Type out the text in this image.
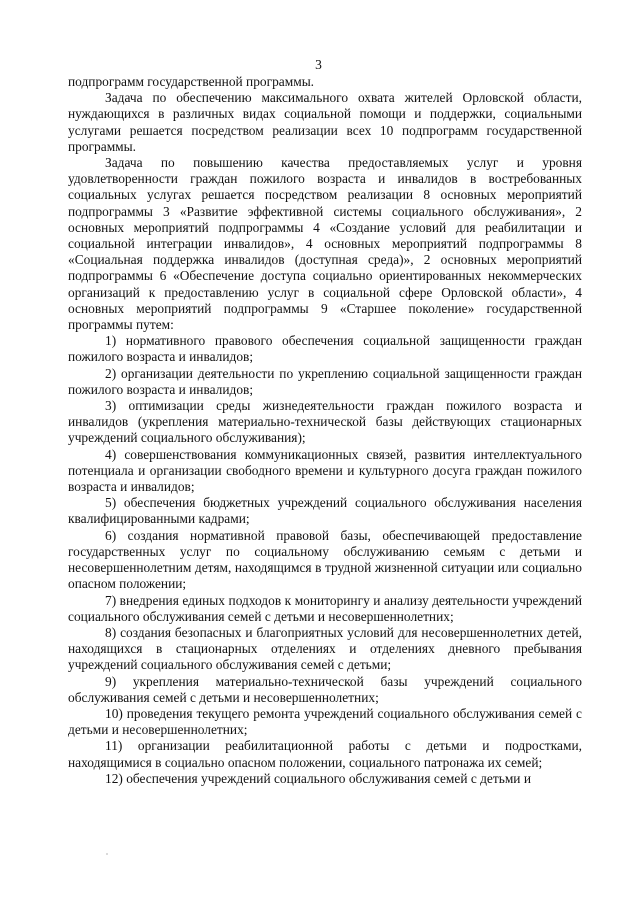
3

подпрограмм государственной программы.

Задача по обеспечению максимального охвата жителей Орловской области, нуждающихся в различных видах социальной помощи и поддержки, социальными услугами решается посредством реализации всех 10 подпрограмм государственной программы.

Задача по повышению качества предоставляемых услуг и уровня удовлетворенности граждан пожилого возраста и инвалидов в востребованных социальных услугах решается посредством реализации 8 основных мероприятий подпрограммы 3 «Развитие эффективной системы социального обслуживания», 2 основных мероприятий подпрограммы 4 «Создание условий для реабилитации и социальной интеграции инвалидов», 4 основных мероприятий подпрограммы 8 «Социальная поддержка инвалидов (доступная среда)», 2 основных мероприятий подпрограммы 6 «Обеспечение доступа социально ориентированных некоммерческих организаций к предоставлению услуг в социальной сфере Орловской области», 4 основных мероприятий подпрограммы 9 «Старшее поколение» государственной программы путем:

1) нормативного правового обеспечения социальной защищенности граждан пожилого возраста и инвалидов;

2) организации деятельности по укреплению социальной защищенности граждан пожилого возраста и инвалидов;

3) оптимизации среды жизнедеятельности граждан пожилого возраста и инвалидов (укрепления материально-технической базы действующих стационарных учреждений социального обслуживания);

4) совершенствования коммуникационных связей, развития интеллектуального потенциала и организации свободного времени и культурного досуга граждан пожилого возраста и инвалидов;

5) обеспечения бюджетных учреждений социального обслуживания населения квалифицированными кадрами;

6) создания нормативной правовой базы, обеспечивающей предоставление государственных услуг по социальному обслуживанию семьям с детьми и несовершеннолетним детям, находящимся в трудной жизненной ситуации или социально опасном положении;

7) внедрения единых подходов к мониторингу и анализу деятельности учреждений социального обслуживания семей с детьми и несовершеннолетних;

8) создания безопасных и благоприятных условий для несовершеннолетних детей, находящихся в стационарных отделениях и отделениях дневного пребывания учреждений социального обслуживания семей с детьми;

9) укрепления материально-технической базы учреждений социального обслуживания семей с детьми и несовершеннолетних;

10) проведения текущего ремонта учреждений социального обслуживания семей с детьми и несовершеннолетних;

11) организации реабилитационной работы с детьми и подростками, находящимися в социально опасном положении, социального патронажа их семей;

12) обеспечения учреждений социального обслуживания семей с детьми и
